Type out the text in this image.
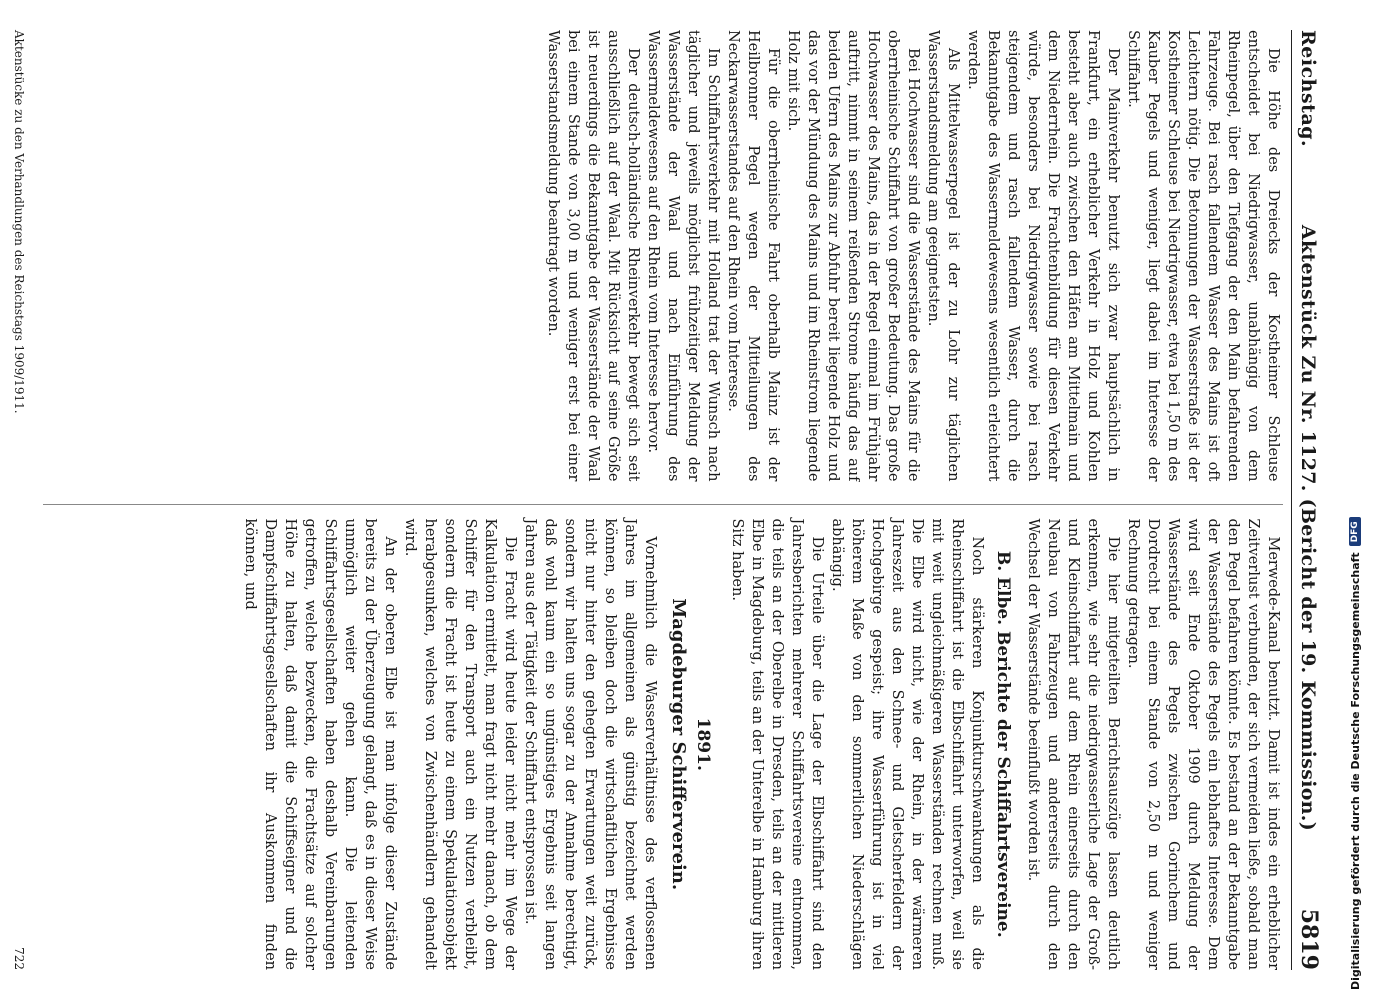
Reichstag.
Aktenstück Zu Nr. 1127. (Bericht der 19. Kommission.)
5819

Die Höhe des Dreiecks der Kostheimer Schleuse entscheidet bei Niedrigwasser, unabhängig von dem Rheinpegel, über den Tiefgang der den Main befahrenden Fahrzeuge. Bei rasch fallendem Wasser des Mains ist oft Leichtern nötig. Die Betonnungen der Wasserstraße ist der Kostheimer Schleuse bei Niedrigwasser, etwa bei 1,50 m des Kauber Pegels und weniger, liegt dabei im Interesse der Schiffahrt.

Der Mainverkehr benutzt sich zwar hauptsächlich in Frankfurt, ein erheblicher Verkehr in Holz und Kohlen besteht aber auch zwischen den Häfen am Mittelmain und dem Niederrhein. Die Frachtenbildung für diesen Verkehr würde, besonders bei Niedrigwasser sowie bei rasch steigendem und rasch fallendem Wasser, durch die Bekanntgabe des Wassermeldewesens wesentlich erleichtert werden.

Als Mittelwasserpegel ist der zu Lohr zur täglichen Wasserstandsmeldung am geeignetsten.

Bei Hochwasser sind die Wasserstände des Mains für die oberrheinische Schiffahrt von großer Bedeutung. Das große Hochwasser des Mains, das in der Regel einmal im Frühjahr auftritt, nimmt in seinem reißenden Strome häufig das auf beiden Ufern des Mains zur Abfuhr bereit liegende Holz und das vor der Mündung des Mains und im Rheinstrom liegende Holz mit sich.

Für die oberrheinische Fahrt oberhalb Mainz ist der Heilbronner Pegel wegen der Mitteilungen des Neckarwasserstandes auf den Rhein vom Interesse.

Im Schiffahrtsverkehr mit Holland trat der Wunsch nach täglicher und jeweils möglichst frühzeitiger Meldung der Wasserstände der Waal und nach Einführung des Wassermeldewesens auf den Rhein vom Interesse hervor.

Der deutsch-holländische Rheinverkehr bewegt sich seit ausschließlich auf der Waal. Mit Rücksicht auf seine Größe ist neuerdings die Bekanntgabe der Wasserstände der Waal bei einem Stande von 3,00 m und weniger erst bei einer Wasserstandsmeldung beantragt worden.

Merwede-Kanal benutzt. Damit ist indes ein erheblicher Zeitverlust verbunden, der sich vermeiden ließe, sobald man den Pegel befahren könnte. Es bestand an der Bekanntgabe der Wasserstände des Pegels ein lebhaftes Interesse. Dem wird seit Ende Oktober 1909 durch Meldung der Wasserstände des Pegels zwischen Gorinchem und Dordrecht bei einem Stande von 2,50 m und weniger Rechnung getragen.

Die hier mitgeteilten Berichtsauszüge lassen deutlich erkennen, wie sehr die niedrigwasserliche Lage der Groß- und Kleinschiffahrt auf dem Rhein einerseits durch den Neubau von Fahrzeugen und andererseits durch den Wechsel der Wasserstände beeinflußt worden ist.

B. Elbe. Berichte der Schiffahrtsvereine.

Noch stärkeren Konjunkturschwankungen als die Rheinschiffahrt ist die Elbschiffahrt unterworfen, weil sie mit weit ungleichmäßigeren Wasserständen rechnen muß. Die Elbe wird nicht, wie der Rhein, in der wärmeren Jahreszeit aus den Schnee- und Gletscherfeldern der Hochgebirge gespeist; ihre Wasserführung ist in viel höherem Maße von den sommerlichen Niederschlägen abhängig.

Die Urteile über die Lage der Elbschiffahrt sind den Jahresberichten mehrerer Schiffahrtsvereine entnommen, die teils an der Oberelbe in Dresden, teils an der mittleren Elbe in Magdeburg, teils an der Unterelbe in Hamburg ihren Sitz haben.

1891.
Magdeburger Schifferverein.

Vornehmlich die Wasserverhältnisse des verflossenen Jahres im allgemeinen als günstig bezeichnet werden können, so bleiben doch die wirtschaftlichen Ergebnisse nicht nur hinter den gehegten Erwartungen weit zurück, sondern wir halten uns sogar zu der Annahme berechtigt, daß wohl kaum ein so ungünstiges Ergebnis seit langen Jahren aus der Tätigkeit der Schiffahrt entsprossen ist.

Die Fracht wird heute leider nicht mehr im Wege der Kalkulation ermittelt, man fragt nicht mehr danach, ob dem Schiffer für den Transport auch ein Nutzen verbleibt, sondern die Fracht ist heute zu einem Spekulationsobjekt herabgesunken, welches von Zwischenhändlern gehandelt wird.

An der oberen Elbe ist man infolge dieser Zustände bereits zu der Überzeugung gelangt, daß es in dieser Weise unmöglich weiter gehen kann. Die leitenden Schiffahrtsgesellschaften haben deshalb Vereinbarungen getroffen, welche bezwecken, die Frachtsätze auf solcher Höhe zu halten, daß damit die Schiffseigner und die Dampfschiffahrtsgesellschaften ihr Auskommen finden können, und

Aktenstücke zu den Verhandlungen des Reichstags 1909/1911.
722	Digitalisierung gefördert durch die Deutsche Forschungsgemeinschaft
DFG
